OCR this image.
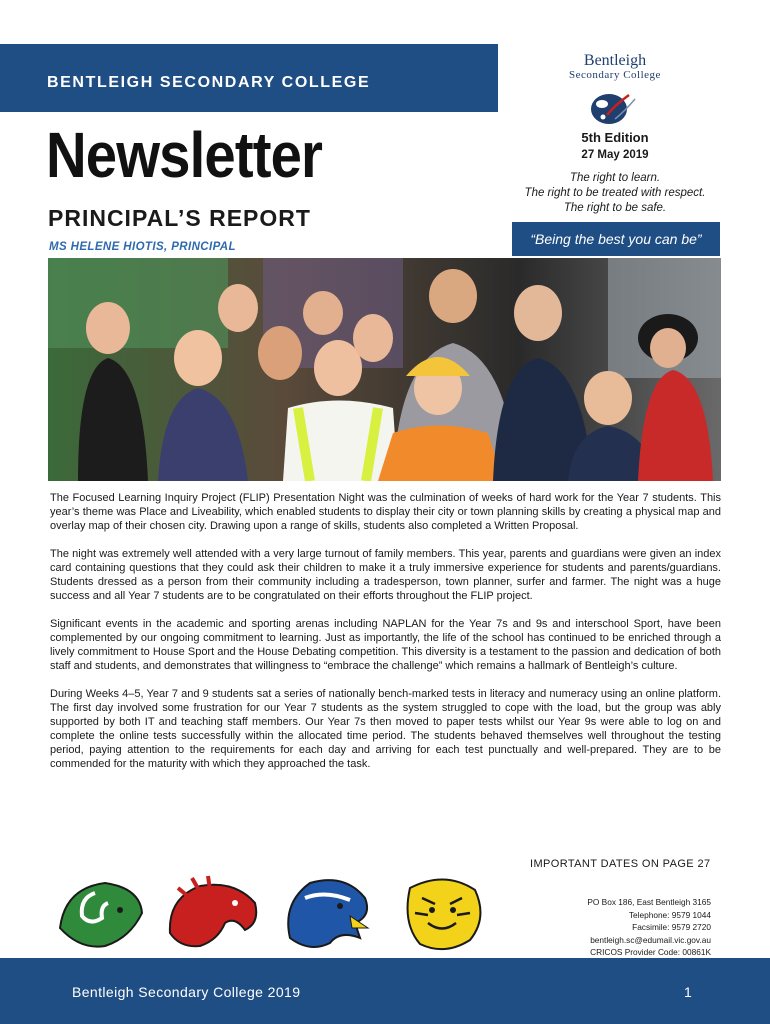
BENTLEIGH SECONDARY COLLEGE
Bentleigh
Secondary College
Newsletter
PRINCIPAL’S REPORT
MS HELENE HIOTIS, PRINCIPAL
5th Edition
27 May 2019
The right to learn.
The right to be treated with respect.
The right to be safe.
“Being the best you can be”

The Focused Learning Inquiry Project (FLIP) Presentation Night was the culmination of weeks of hard work for the Year 7 students. This year’s theme was Place and Liveability, which enabled students to display their city or town planning skills by creating a physical map and overlay map of their chosen city. Drawing upon a range of skills, students also completed a Written Proposal.

The night was extremely well attended with a very large turnout of family members. This year, parents and guardians were given an index card containing questions that they could ask their children to make it a truly immersive experience for students and parents/guardians. Students dressed as a person from their community including a tradesperson, town planner, surfer and farmer. The night was a huge success and all Year 7 students are to be congratulated on their efforts throughout the FLIP project.

Significant events in the academic and sporting arenas including NAPLAN for the Year 7s and 9s and interschool Sport, have been complemented by our ongoing commitment to learning. Just as importantly, the life of the school has continued to be enriched through a lively commitment to House Sport and the House Debating competition. This diversity is a testament to the passion and dedication of both staff and students, and demonstrates that willingness to “embrace the challenge” which remains a hallmark of Bentleigh’s culture.

During Weeks 4–5, Year 7 and 9 students sat a series of nationally bench-marked tests in literacy and numeracy using an online platform. The first day involved some frustration for our Year 7 students as the system struggled to cope with the load, but the group was ably supported by both IT and teaching staff members. Our Year 7s then moved to paper tests whilst our Year 9s were able to log on and complete the online tests successfully within the allocated time period. The students behaved themselves well throughout the testing period, paying attention to the requirements for each day and arriving for each test punctually and well-prepared. They are to be commended for the maturity with which they approached the task.

IMPORTANT DATES ON PAGE 27
PO Box 186, East Bentleigh 3165
Telephone: 9579 1044
Facsimile: 9579 2720
bentleigh.sc@edumail.vic.gov.au
CRICOS Provider Code: 00861K
Bentleigh Secondary College 2019	1
